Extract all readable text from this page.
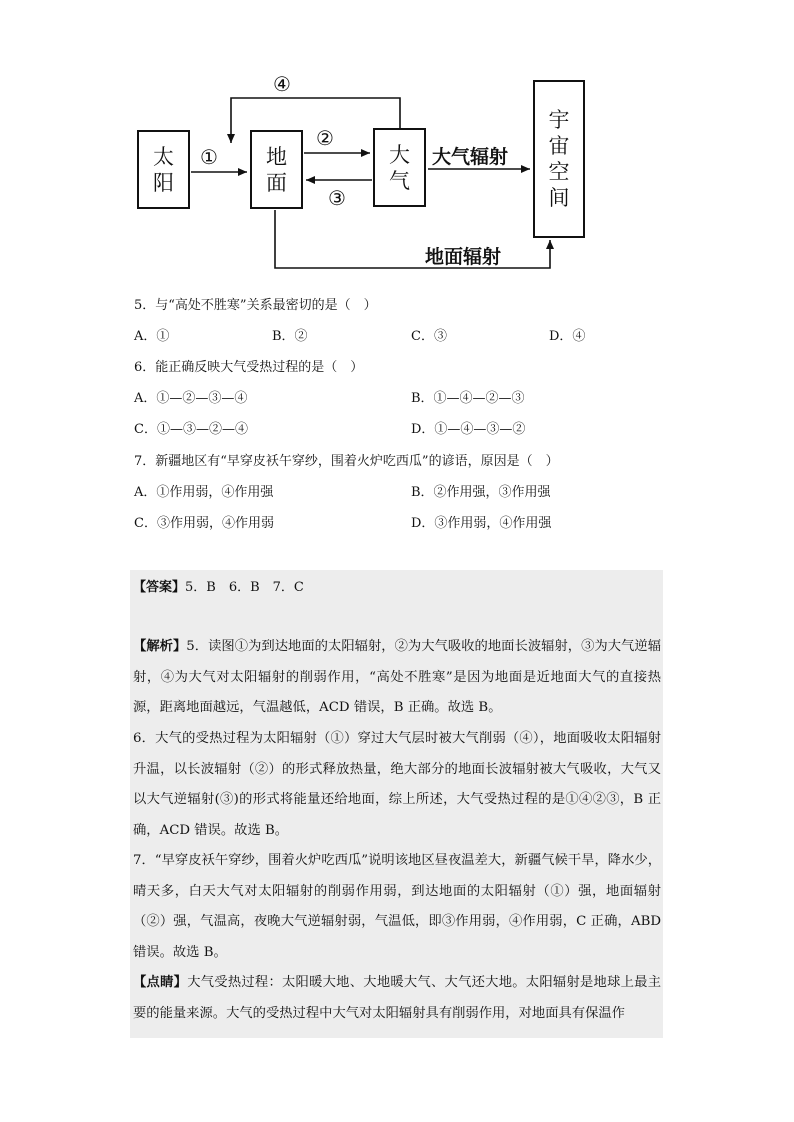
太阳
地面
大气
宇宙空间
①
②
③
④
大气辐射
地面辐射
5．与“高处不胜寒”关系最密切的是（　）
A．①	B．②	C．③	D．④
6．能正确反映大气受热过程的是（　）
A．①—②—③—④	B．①—④—②—③
C．①—③—②—④	D．①—④—③—②
7．新疆地区有“早穿皮袄午穿纱，围着火炉吃西瓜”的谚语，原因是（　）
A．①作用弱，④作用强	B．②作用强，③作用强
C．③作用弱，④作用弱	D．③作用弱，④作用强
【答案】5．B　6．B　7．C
【解析】5．读图①为到达地面的太阳辐射，②为大气吸收的地面长波辐射，③为大气逆辐射，④为大气对太阳辐射的削弱作用，“高处不胜寒”是因为地面是近地面大气的直接热源，距离地面越远，气温越低，ACD 错误，B 正确。故选 B。
6．大气的受热过程为太阳辐射（①）穿过大气层时被大气削弱（④），地面吸收太阳辐射升温，以长波辐射（②）的形式释放热量，绝大部分的地面长波辐射被大气吸收，大气又以大气逆辐射(③)的形式将能量还给地面，综上所述，大气受热过程的是①④②③，B 正确，ACD 错误。故选 B。
7．“早穿皮袄午穿纱，围着火炉吃西瓜”说明该地区昼夜温差大，新疆气候干旱，降水少，晴天多，白天大气对太阳辐射的削弱作用弱，到达地面的太阳辐射（①）强，地面辐射（②）强，气温高，夜晚大气逆辐射弱，气温低，即③作用弱，④作用弱，C 正确，ABD 错误。故选 B。
【点睛】大气受热过程：太阳暖大地、大地暖大气、大气还大地。太阳辐射是地球上最主要的能量来源。大气的受热过程中大气对太阳辐射具有削弱作用，对地面具有保温作
